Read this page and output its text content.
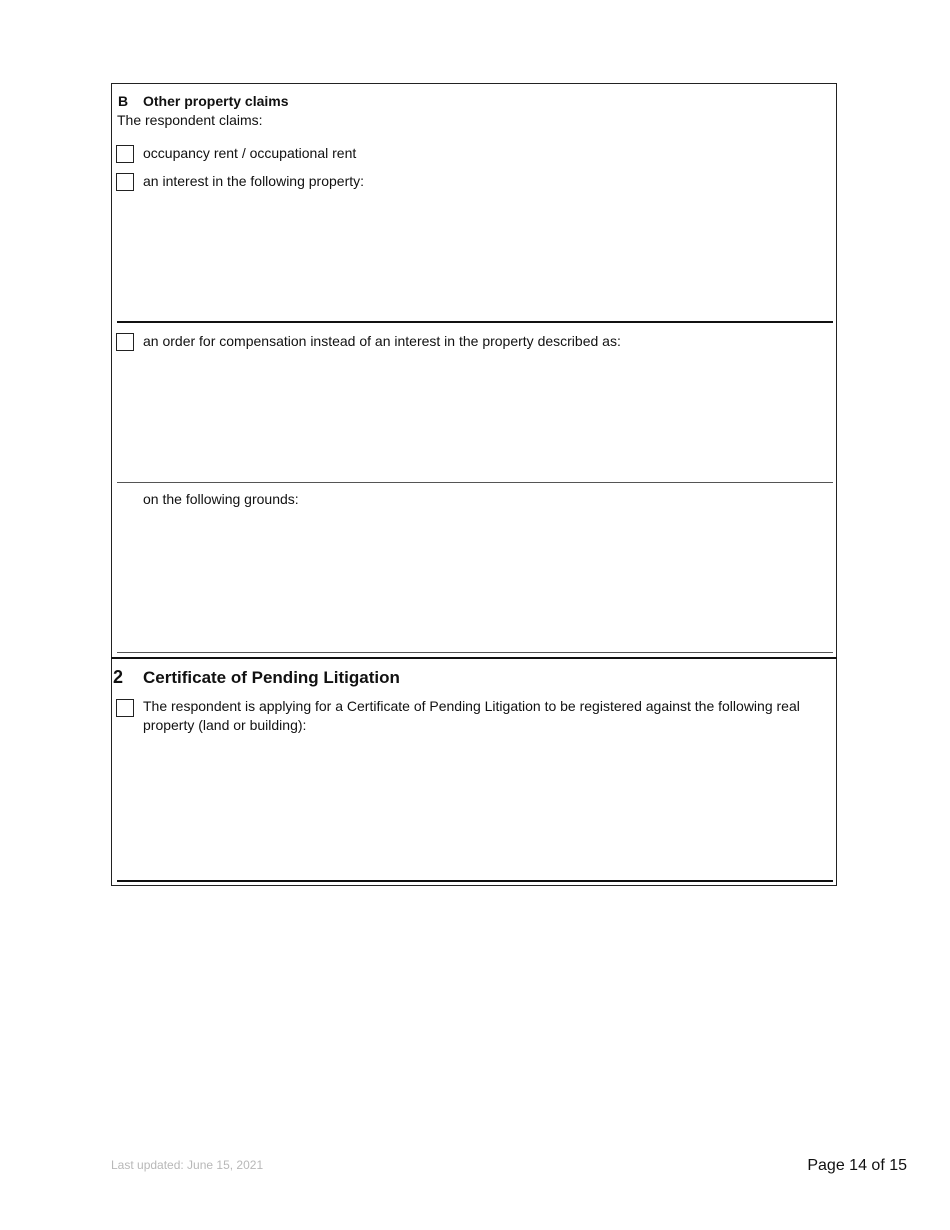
B Other property claims
The respondent claims:
occupancy rent / occupational rent
an interest in the following property:
an order for compensation instead of an interest in the property described as:
on the following grounds:
2 Certificate of Pending Litigation
The respondent is applying for a Certificate of Pending Litigation to be registered against the following real property (land or building):
Last updated: June 15, 2021	Page 14 of 15
